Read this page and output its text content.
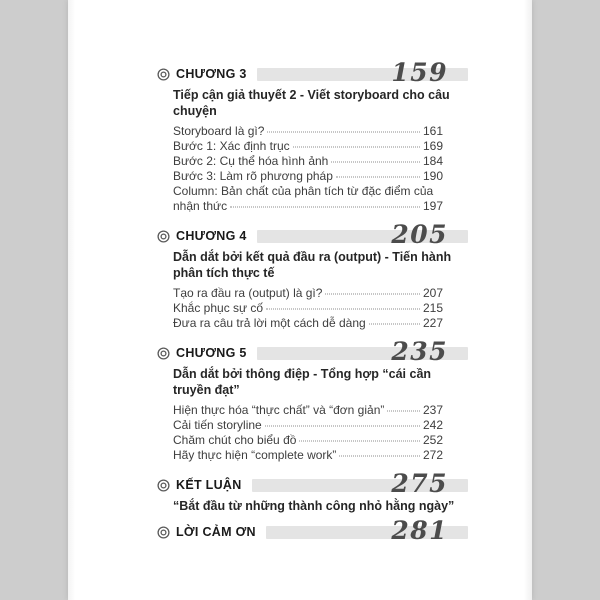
CHƯƠNG 3	159
Tiếp cận giả thuyết 2 - Viết storyboard cho câu chuyện
Storyboard là gì?	161
Bước 1: Xác định trục	169
Bước 2: Cụ thể hóa hình ảnh	184
Bước 3: Làm rõ phương pháp	190
Column: Bản chất của phân tích từ đặc điểm của
nhận thức	197
CHƯƠNG 4	205
Dẫn dắt bởi kết quả đầu ra (output) - Tiến hành
phân tích thực tế
Tạo ra đầu ra (output) là gì?	207
Khắc phục sự cố	215
Đưa ra câu trả lời một cách dễ dàng	227
CHƯƠNG 5	235
Dẫn dắt bởi thông điệp - Tổng hợp “cái cần truyền đạt”
Hiện thực hóa “thực chất” và “đơn giản”	237
Cải tiến storyline	242
Chăm chút cho biểu đồ	252
Hãy thực hiện “complete work”	272
KẾT LUẬN	275
“Bắt đầu từ những thành công nhỏ hằng ngày”
LỜI CẢM ƠN	281
